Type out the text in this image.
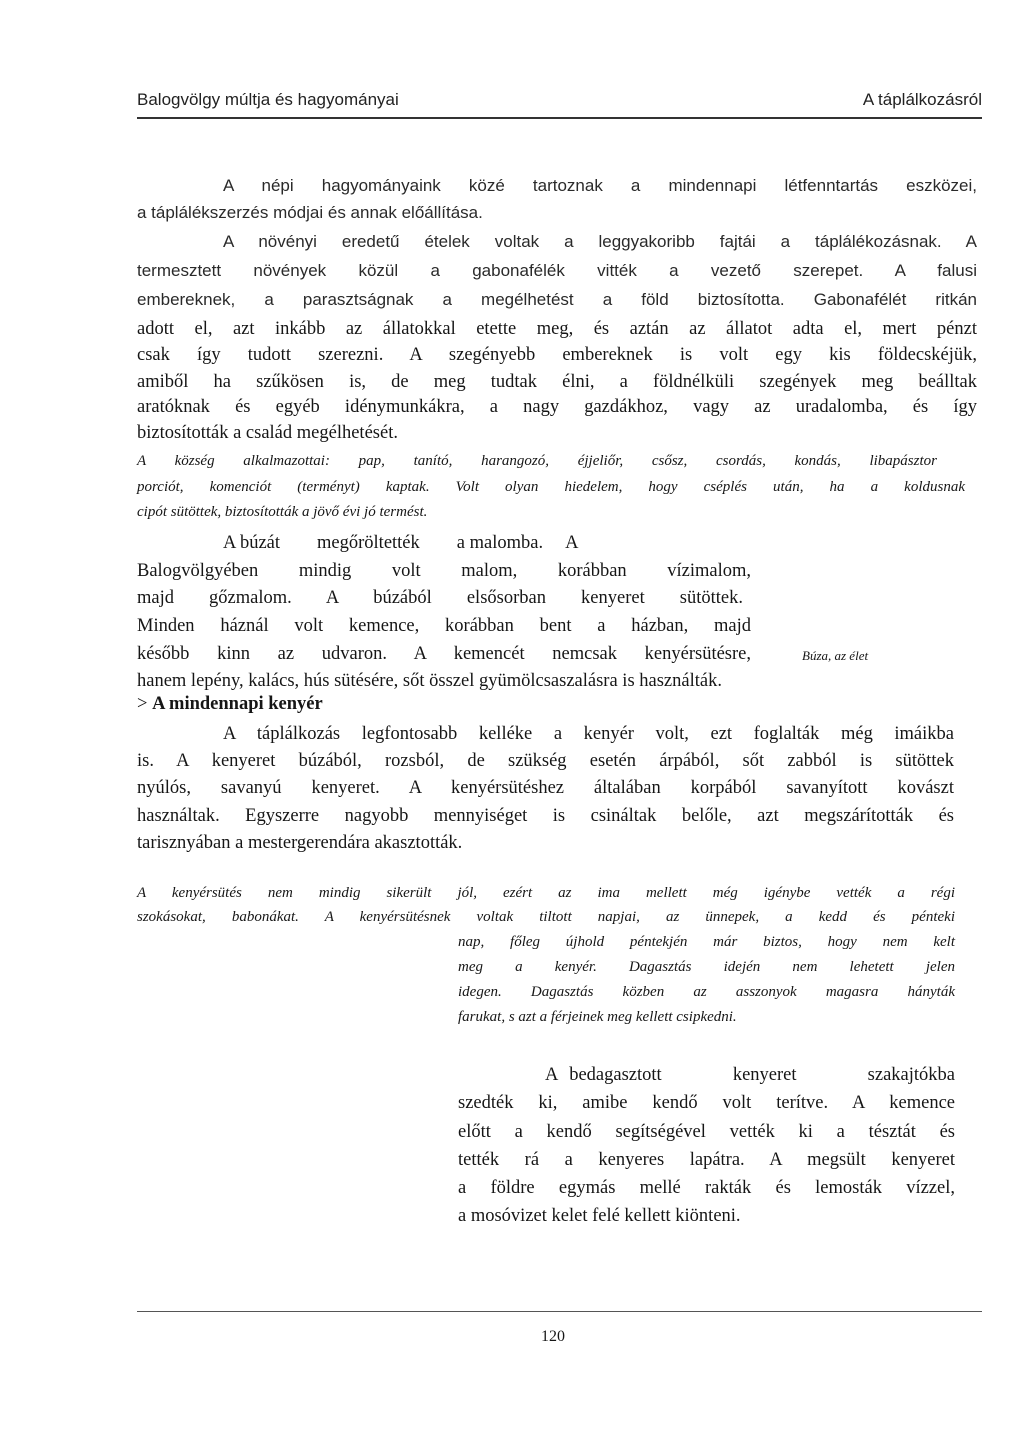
Balogvölgy múltja és hagyományai	A táplálkozásról
A népi hagyományaink közé tartoznak a mindennapi létfenntartás eszközei,
a táplálékszerzés módjai és annak előállítása.
A növényi eredetű ételek voltak a leggyakoribb fajtái a táplálékozásnak. A
termesztett növények közül a gabonafélék vitték a vezető szerepet. A falusi
embereknek, a parasztságnak a megélhetést a föld biztosította. Gabonafélét ritkán
adott el, azt inkább az állatokkal etette meg, és aztán az állatot adta el, mert pénzt
csak így tudott szerezni. A szegényebb embereknek is volt egy kis földecskéjük,
amiből ha szűkösen is, de meg tudtak élni, a földnélküli szegények meg beálltak
aratóknak és egyéb idénymunkákra, a nagy gazdákhoz, vagy az uradalomba, és így
biztosították a család megélhetését.
A község alkalmazottai: pap, tanító, harangozó, éjjeliőr, csősz, csordás, kondás, libapásztor
porciót, komenciót (terményt) kaptak. Volt olyan hiedelem, hogy cséplés után, ha a koldusnak
cipót sütöttek, biztosították a jövő évi jó termést.
A búzát        megőröltették        a malomba.     A
Balogvölgyében mindig volt malom, korábban vízimalom,
majd gőzmalom. A búzából elsősorban kenyeret sütöttek.
Minden háznál volt kemence, korábban bent a házban, majd
később kinn az udvaron. A kemencét nemcsak kenyérsütésre,	Búza, az élet
hanem lepény, kalács, hús sütésére, sőt összel gyümölcsaszalásra is használták.
> A mindennapi kenyér
A táplálkozás legfontosabb kelléke a kenyér volt, ezt foglalták még imáikba
is. A kenyeret búzából, rozsból, de szükség esetén árpából, sőt zabból is sütöttek
nyúlós, savanyú kenyeret. A kenyérsütéshez általában korpából savanyított kovászt
használtak. Egyszerre nagyobb mennyiséget is csináltak belőle, azt megszárították és
tarisznyában a mestergerendára akasztották.
A kenyérsütés nem mindig sikerült jól, ezért az ima mellett még igénybe vették a régi
szokásokat, babonákat. A kenyérsütésnek voltak tiltott napjai, az ünnepek, a kedd és pénteki
nap, főleg újhold péntekjén már biztos, hogy nem kelt
meg a kenyér. Dagasztás idején nem lehetett jelen
idegen. Dagasztás közben az asszonyok magasra hányták
farukat, s azt a férjeinek meg kellett csipkedni.
A bedagasztott      kenyeret      szakajtókba
szedték ki, amibe kendő volt terítve. A kemence
előtt a kendő segítségével vették ki a tésztát és
tették rá a kenyeres lapátra. A megsült kenyeret
a földre egymás mellé rakták és lemosták vízzel,
a mosóvizet kelet felé kellett kiönteni.
120
